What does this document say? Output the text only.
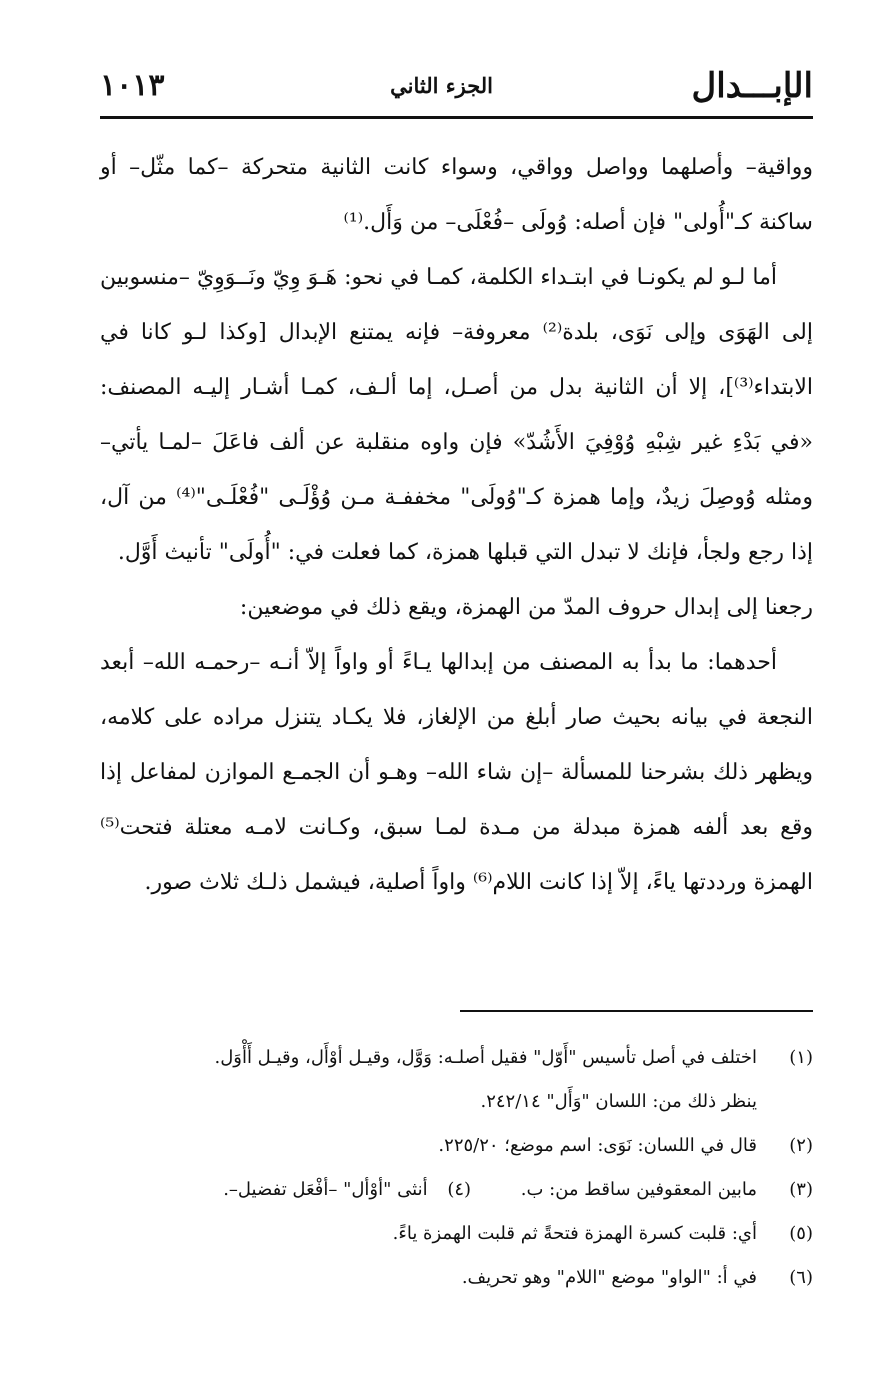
الإبـــدال
الجزء الثاني
١٠١٣

وواقية– وأصلهما وواصل وواقي، وسواء كانت الثانية متحركة –كما مثّل– أو ساكنة كـ"أُولى" فإن أصله: وُولَى –فُعْلَى– من وَأَل.⁽¹⁾

أما لـو لم يكونـا في ابتـداء الكلمة، كمـا في نحو: هَـوَ وِيّ ونَــوَوِيّ –منسوبين إلى الهَوَى وإلى نَوَى، بلدة⁽²⁾ معروفة– فإنه يمتنع الإبدال [وكذا لـو كانا في الابتداء⁽³⁾]، إلا أن الثانية بدل من أصـل، إما ألـف، كمـا أشـار إليـه المصنف: «في بَدْءِ غير شِبْهِ وُوْفِيَ الأَشُدّ» فإن واوه منقلبة عن ألف فاعَلَ –لمـا يأتي– ومثله وُوصِلَ زيدٌ، وإما همزة كـ"وُولَى" مخففـة مـن وُؤْلَـى "فُعْلَـى"⁽⁴⁾ من آل، إذا رجع ولجأ، فإنك لا تبدل التي قبلها همزة، كما فعلت في: "أُولَى" تأنيث أَوَّل.

رجعنا إلى إبدال حروف المدّ من الهمزة، ويقع ذلك في موضعين:

أحدهما: ما بدأ به المصنف من إبدالها يـاءً أو واواً إلاّ أنـه –رحمـه الله– أبعد النجعة في بيانه بحيث صار أبلغ من الإلغاز، فلا يكـاد يتنزل مراده على كلامه، ويظهر ذلك بشرحنا للمسألة –إن شاء الله– وهـو أن الجمـع الموازن لمفاعل إذا وقع بعد ألفه همزة مبدلة من مـدة لمـا سبق، وكـانت لامـه معتلة فتحت⁽⁵⁾ الهمزة ورددتها ياءً، إلاّ إذا كانت اللام⁽⁶⁾ واواً أصلية، فيشمل ذلـك ثلاث صور.

(١)
اختلف في أصل تأسيس "أَوّل" فقيل أصلـه: وَوَّل، وقيـل أوْأَل، وقيـل أَأْوَل.
ينظر ذلك من: اللسان "وَأَل" ٢٤٢/١٤.
(٢)
قال في اللسان: نَوَى: اسم موضع؛ ٢٢٥/٢٠.
(٣)
مابين المعقوفين ساقط من: ب. (٤) أنثى "أوْأل" –أفْعَل تفضيل–.
(٥)
أي: قلبت كسرة الهمزة فتحةً ثم قلبت الهمزة ياءً.
(٦)
في أ: "الواو" موضع "اللام" وهو تحريف.
